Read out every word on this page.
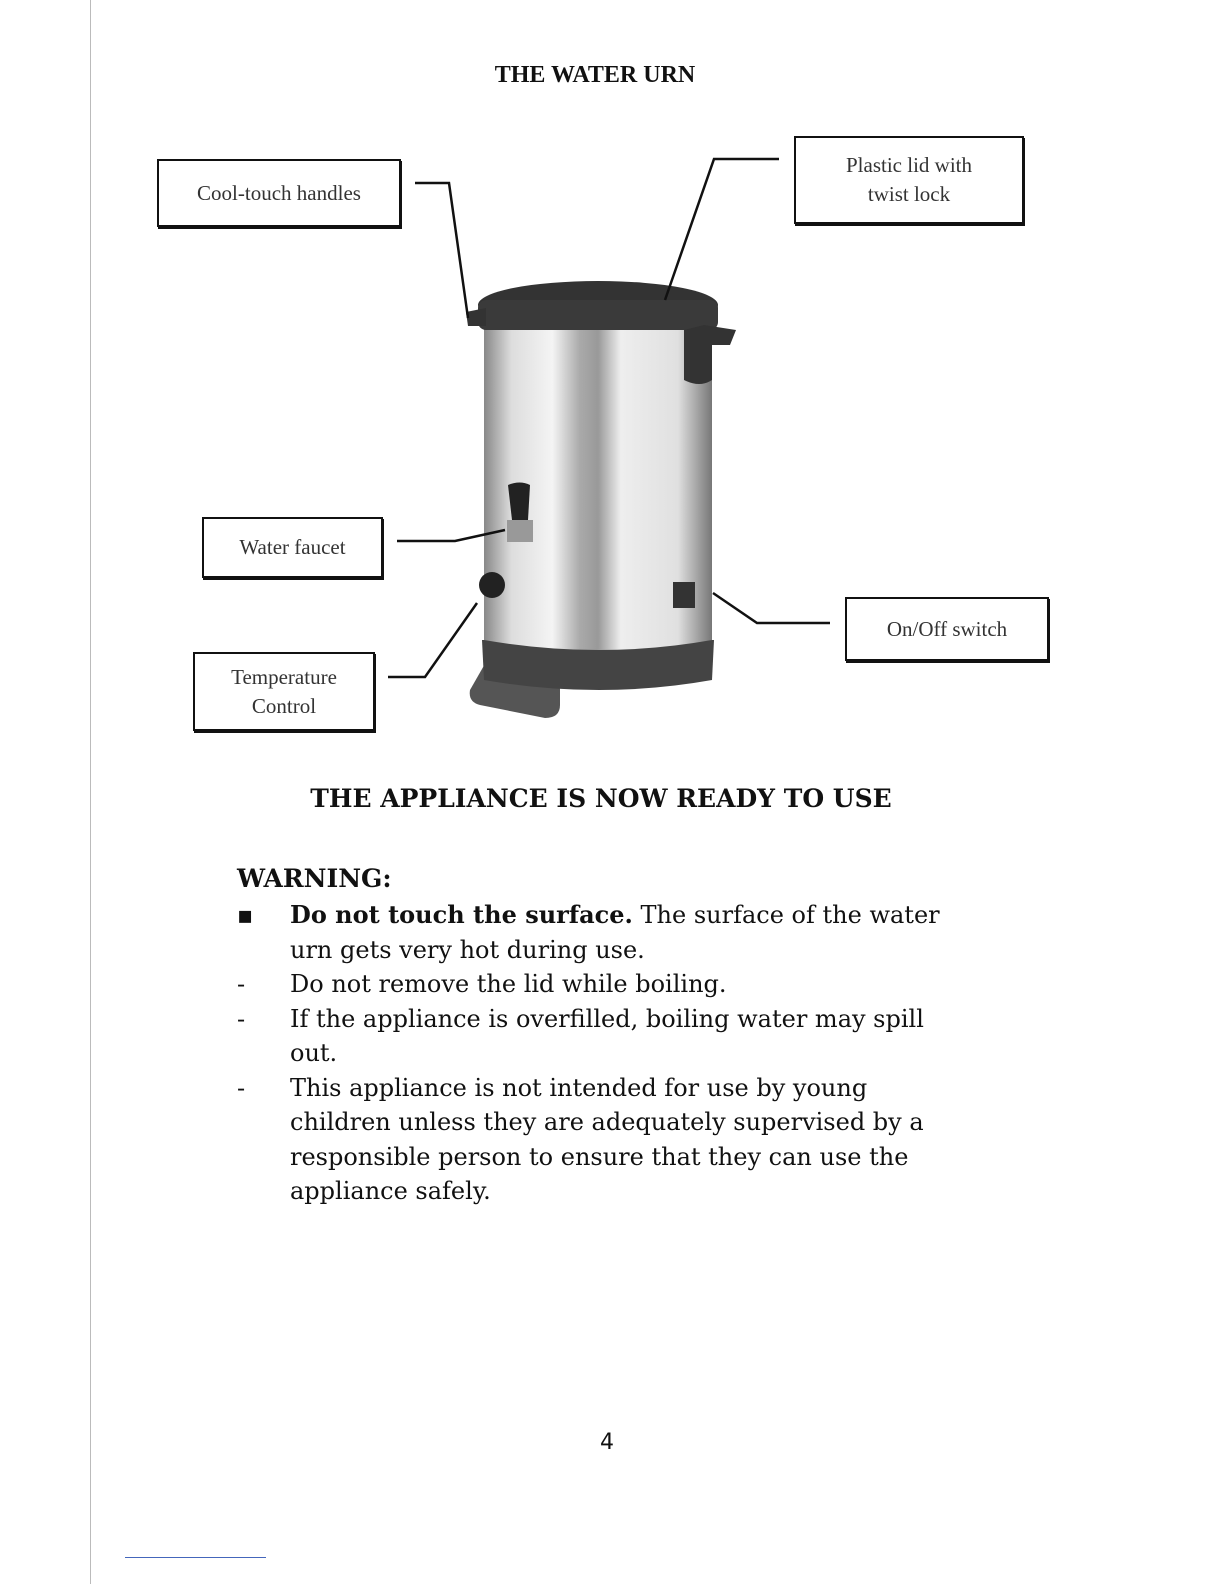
THE WATER URN
Cool-touch handles
Plastic lid with
twist lock
Water faucet
Temperature
Control
On/Off switch
THE APPLIANCE IS NOW READY TO USE
WARNING:
▪ Do not touch the surface. The surface of the water urn gets very hot during use.
- Do not remove the lid while boiling.
- If the appliance is overfilled, boiling water may spill out.
- This appliance is not intended for use by young children unless they are adequately supervised by a responsible person to ensure that they can use the appliance safely.
4
